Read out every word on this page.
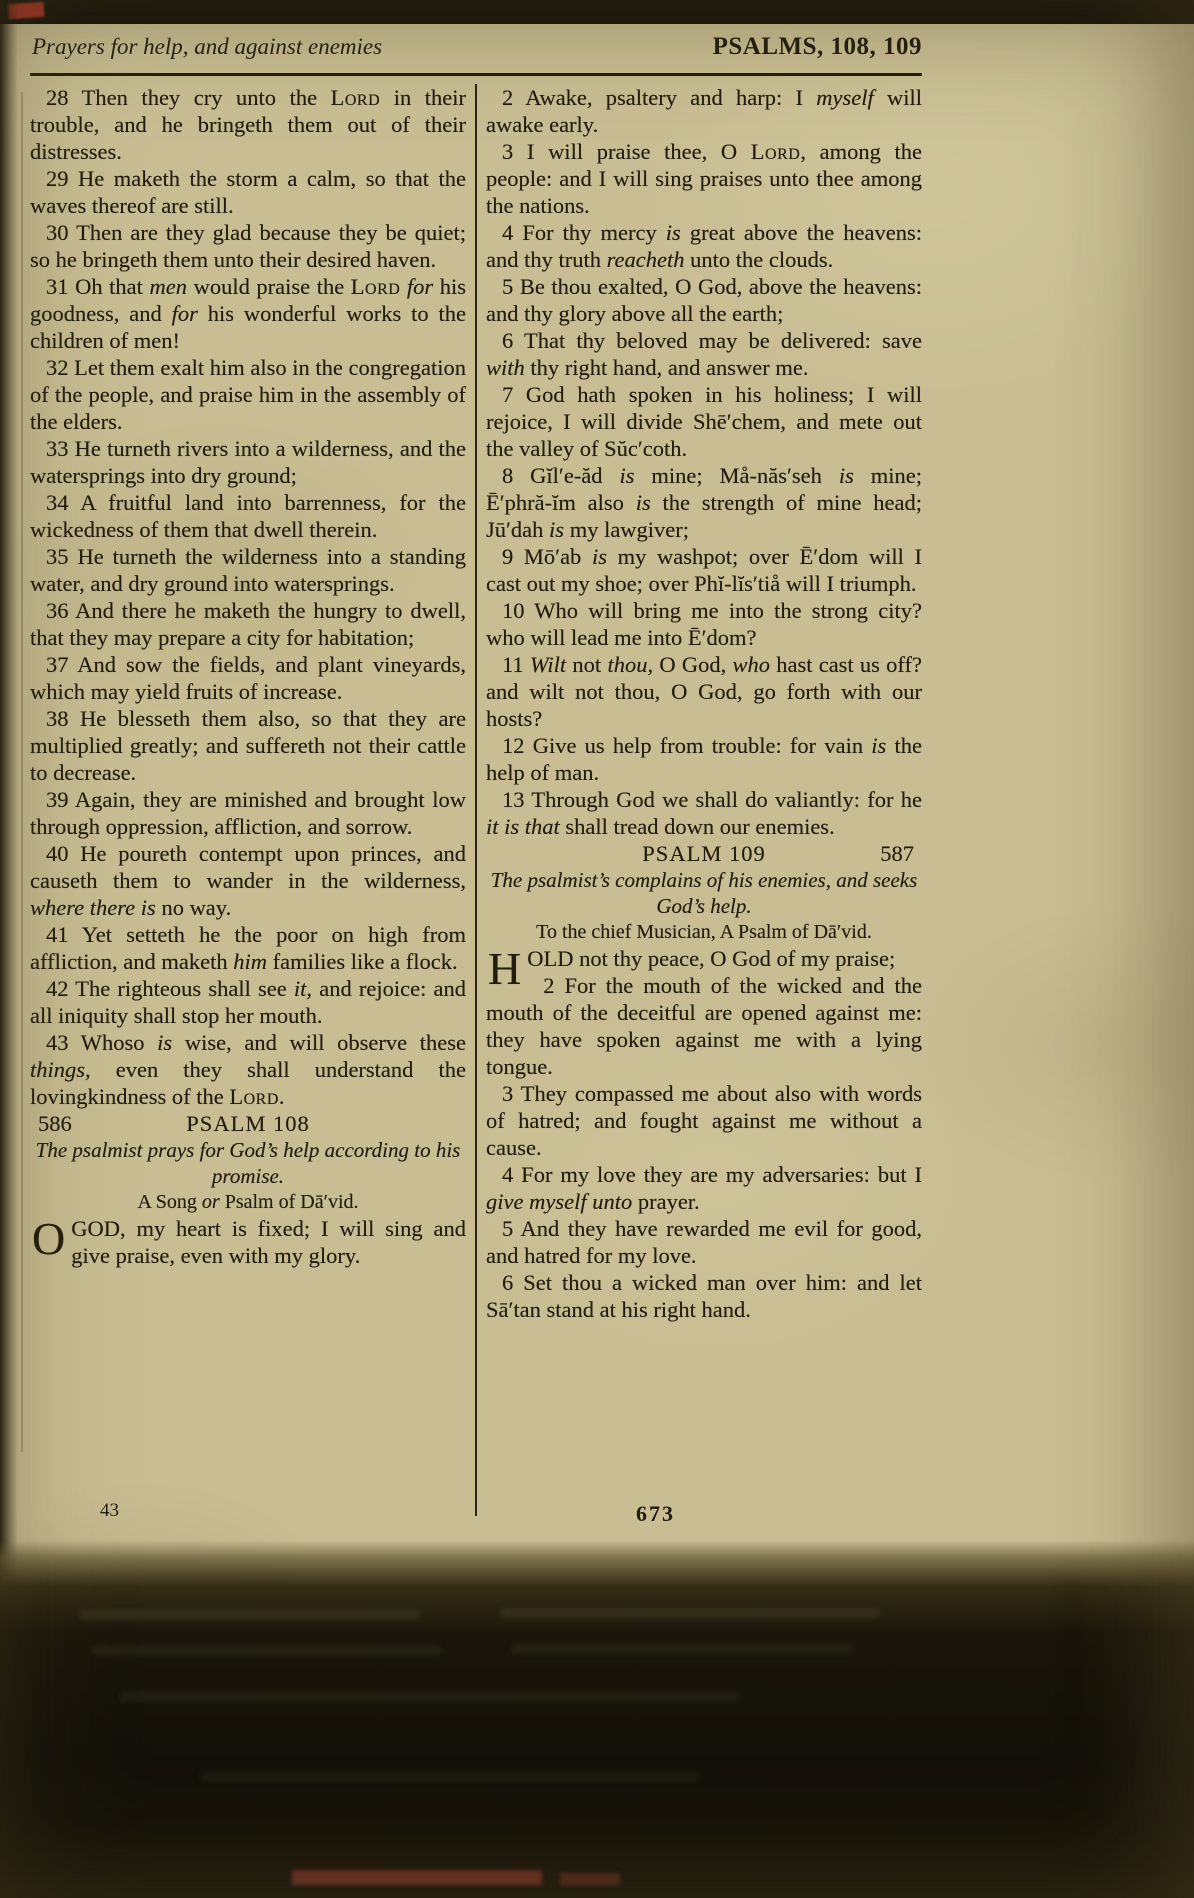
Prayers for help, and against enemies	PSALMS, 108, 109

28 Then they cry unto the Lord in their trouble, and he bringeth them out of their distresses.

29 He maketh the storm a calm, so that the waves thereof are still.

30 Then are they glad because they be quiet; so he bringeth them unto their desired haven.

31 Oh that men would praise the Lord for his goodness, and for his wonderful works to the children of men!

32 Let them exalt him also in the congregation of the people, and praise him in the assembly of the elders.

33 He turneth rivers into a wilderness, and the watersprings into dry ground;

34 A fruitful land into barrenness, for the wickedness of them that dwell therein.

35 He turneth the wilderness into a standing water, and dry ground into watersprings.

36 And there he maketh the hungry to dwell, that they may prepare a city for habitation;

37 And sow the fields, and plant vineyards, which may yield fruits of increase.

38 He blesseth them also, so that they are multiplied greatly; and suffereth not their cattle to decrease.

39 Again, they are minished and brought low through oppression, affliction, and sorrow.

40 He poureth contempt upon princes, and causeth them to wander in the wilderness, where there is no way.

41 Yet setteth he the poor on high from affliction, and maketh him families like a flock.

42 The righteous shall see it, and rejoice: and all iniquity shall stop her mouth.

43 Whoso is wise, and will observe these things, even they shall understand the lovingkindness of the Lord.

586	PSALM 108

The psalmist prays for God’s help according to his promise.

A Song or Psalm of Dā′vid.

OGOD, my heart is fixed; I will sing and give praise, even with my glory.

2 Awake, psaltery and harp: I myself will awake early.

3 I will praise thee, O Lord, among the people: and I will sing praises unto thee among the nations.

4 For thy mercy is great above the heavens: and thy truth reacheth unto the clouds.

5 Be thou exalted, O God, above the heavens: and thy glory above all the earth;

6 That thy beloved may be delivered: save with thy right hand, and answer me.

7 God hath spoken in his holiness; I will rejoice, I will divide Shē′chem, and mete out the valley of Sŭc′coth.

8 Gĭl′e-ăd is mine; Må-năs′seh is mine; Ē′phră-ĭm also is the strength of mine head; Jū′dah is my lawgiver;

9 Mō′ab is my washpot; over Ē′dom will I cast out my shoe; over Phĭ-lĭs′tiå will I triumph.

10 Who will bring me into the strong city? who will lead me into Ē′dom?

11 Wilt not thou, O God, who hast cast us off? and wilt not thou, O God, go forth with our hosts?

12 Give us help from trouble: for vain is the help of man.

13 Through God we shall do valiantly: for he it is that shall tread down our enemies.

PSALM 109	587

The psalmist’s complains of his enemies, and seeks God’s help.

To the chief Musician, A Psalm of Dā′vid.

HOLD not thy peace, O God of my praise;

2 For the mouth of the wicked and the mouth of the deceitful are opened against me: they have spoken against me with a lying tongue.

3 They compassed me about also with words of hatred; and fought against me without a cause.

4 For my love they are my adversaries: but I give myself unto prayer.

5 And they have rewarded me evil for good, and hatred for my love.

6 Set thou a wicked man over him: and let Sā′tan stand at his right hand.

43	673
